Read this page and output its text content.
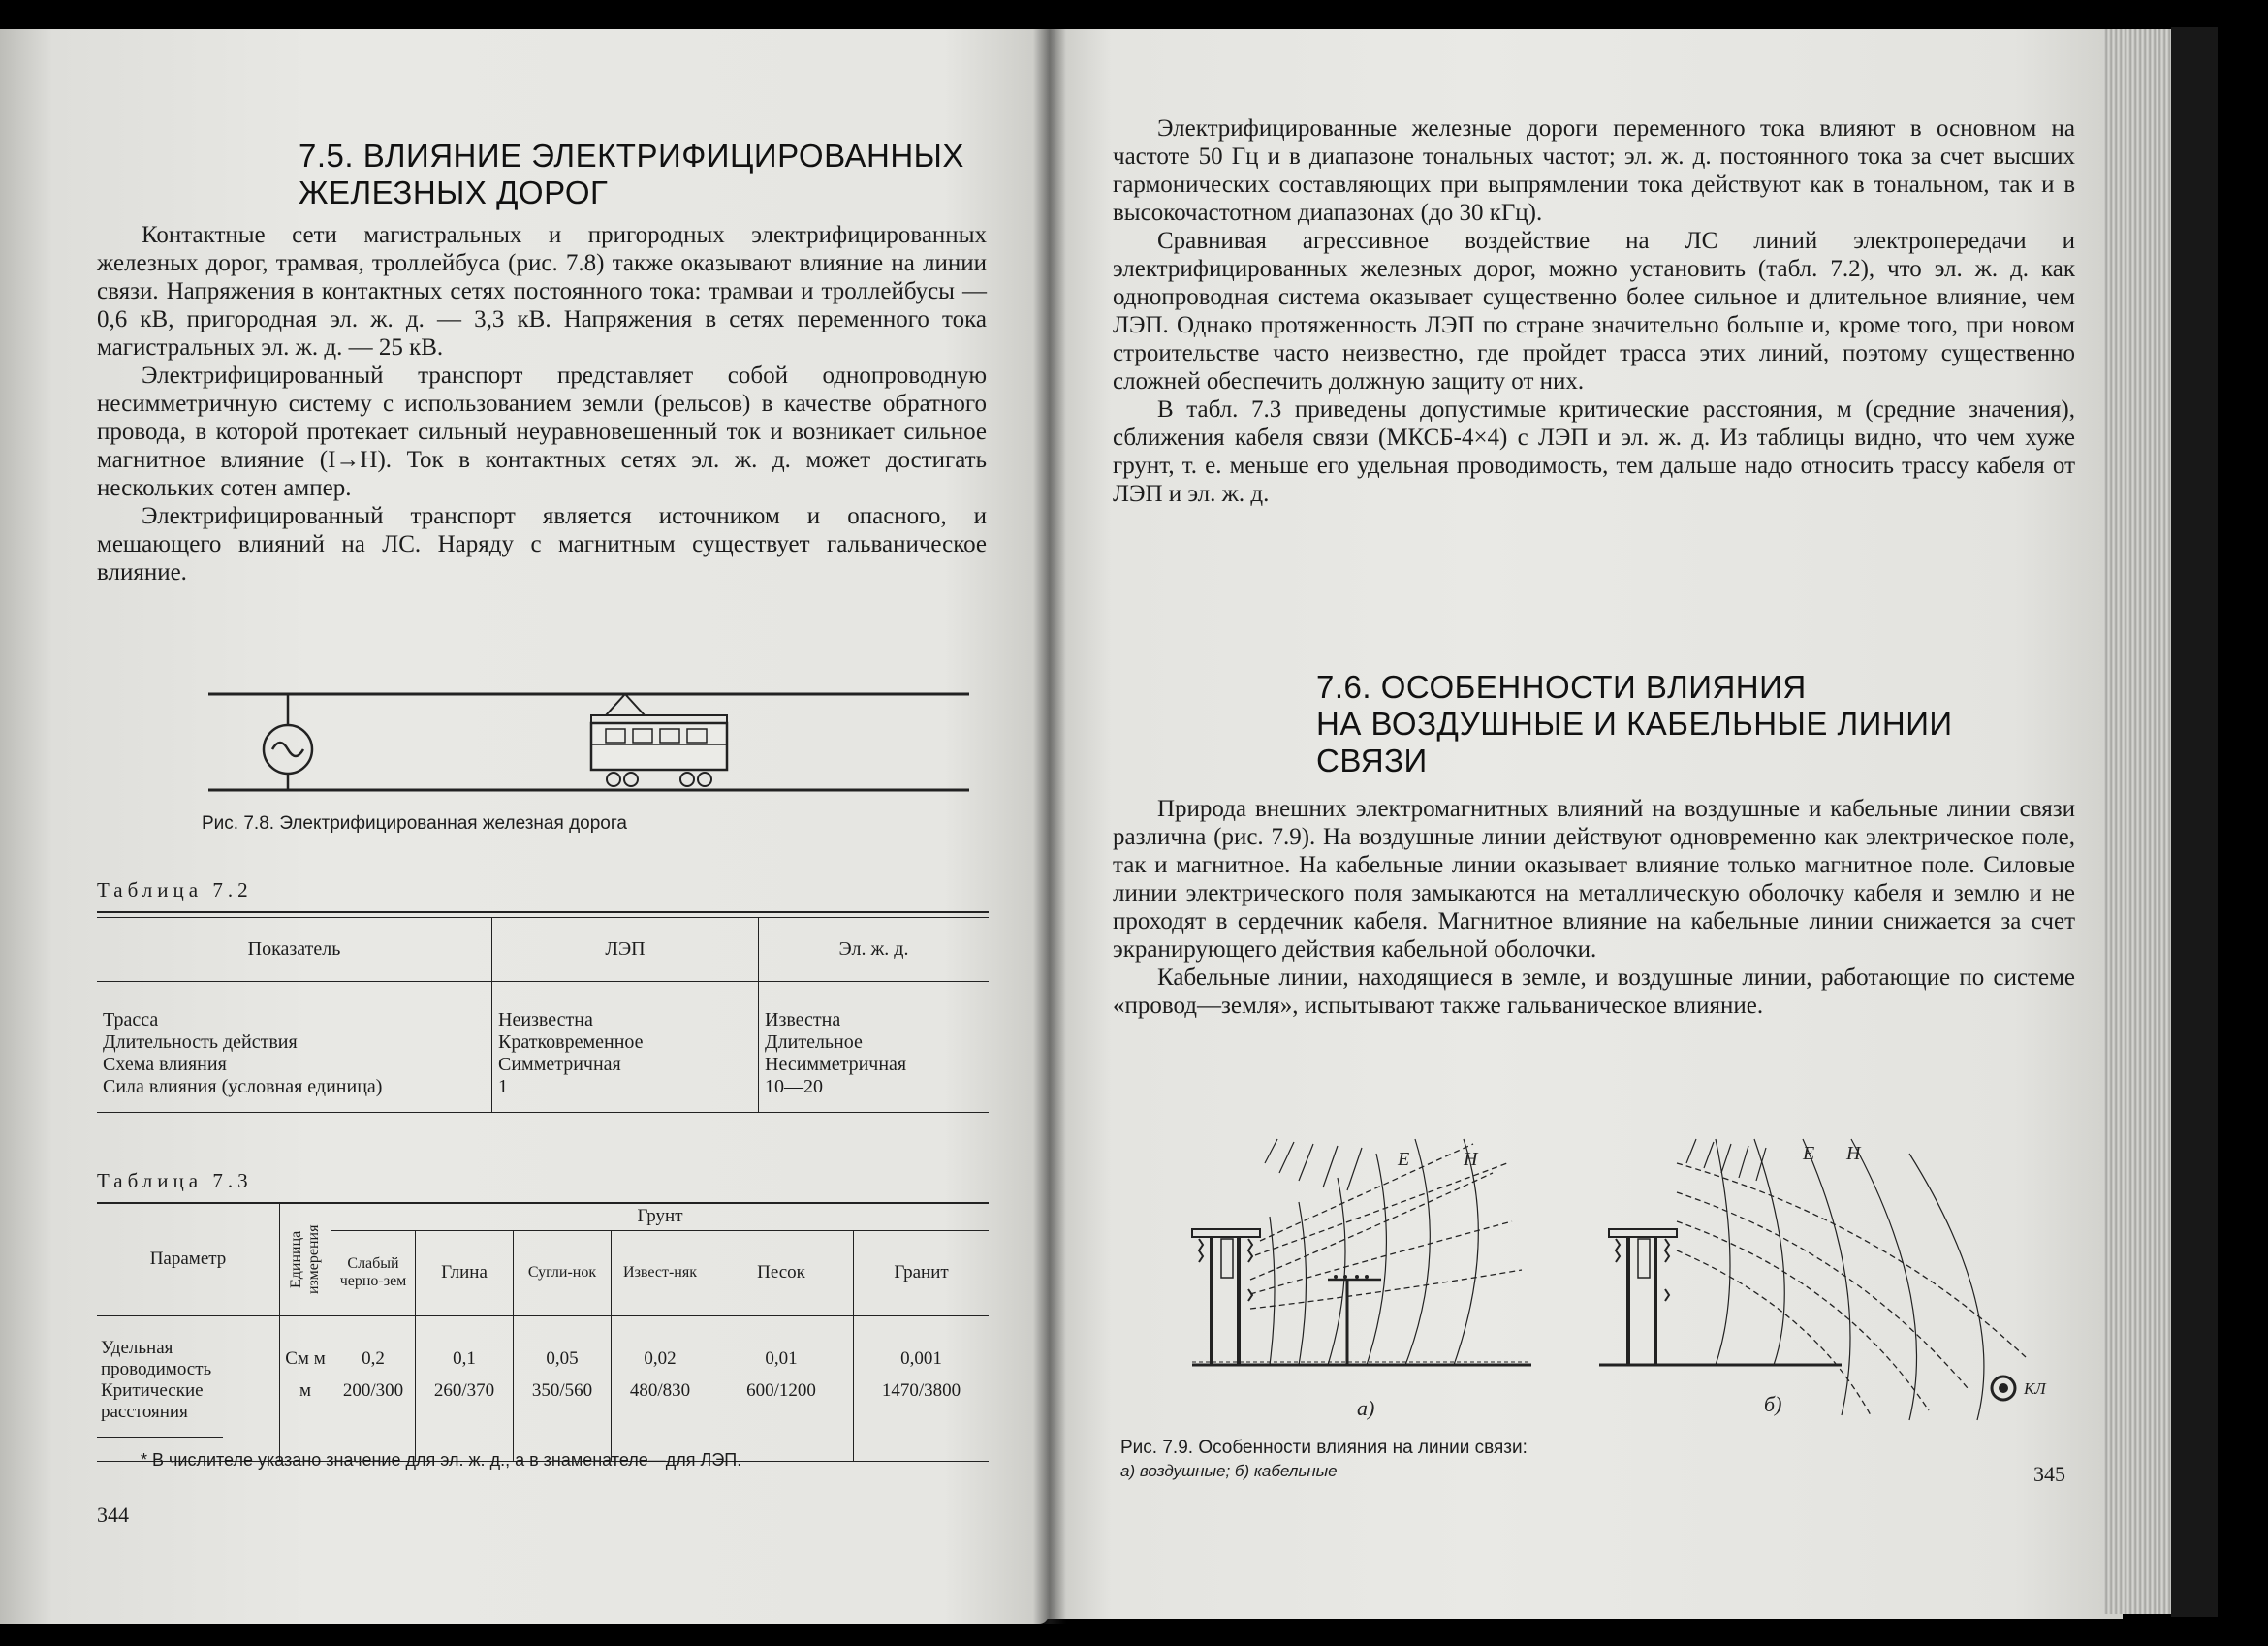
7.5. ВЛИЯНИЕ ЭЛЕКТРИФИЦИРОВАННЫХ
ЖЕЛЕЗНЫХ ДОРОГ

Контактные сети магистральных и пригородных электрифицированных железных дорог, трамвая, троллейбуса (рис. 7.8) также оказывают влияние на линии связи. Напряжения в контактных сетях постоянного тока: трамваи и троллейбусы — 0,6 кВ, пригородная эл. ж. д. — 3,3 кВ. Напряжения в сетях переменного тока магистральных эл. ж. д. — 25 кВ.

Электрифицированный транспорт представляет собой однопроводную несимметричную систему с использованием земли (рельсов) в качестве обратного провода, в которой протекает сильный неуравновешенный ток и возникает сильное магнитное влияние (I→H). Ток в контактных сетях эл. ж. д. может достигать нескольких сотен ампер.

Электрифицированный транспорт является источником и опасного, и мешающего влияний на ЛС. Наряду с магнитным существует гальваническое влияние.

Рис. 7.8. Электрифицированная железная дорога
Таблица 7.2
Показатель	ЛЭП	Эл. ж. д.
Трасса	Неизвестна	Известна
Длительность действия	Кратковременное	Длительное
Схема влияния	Симметричная	Несимметричная
Сила влияния (условная единица)	1	10—20
Таблица 7.3
Параметр	Единица измерения	Грунт					
		Слабый черно-зем	Глина	Сугли-нок	Извест-няк	Песок	Гранит
Удельная проводимость	См м	0,2	0,1	0,05	0,02	0,01	0,001
Критические расстояния	м	200/300	260/370	350/560	480/830	600/1200	1470/3800
* В числителе указано значение для эл. ж. д., а в знаменателе—для ЛЭП.
344

Электрифицированные железные дороги переменного тока влияют в основном на частоте 50 Гц и в диапазоне тональных частот; эл. ж. д. постоянного тока за счет высших гармонических составляющих при выпрямлении тока действуют как в тональном, так и в высокочастотном диапазонах (до 30 кГц).

Сравнивая агрессивное воздействие на ЛС линий электропередачи и электрифицированных железных дорог, можно установить (табл. 7.2), что эл. ж. д. как однопроводная система оказывает существенно более сильное и длительное влияние, чем ЛЭП. Однако протяженность ЛЭП по стране значительно больше и, кроме того, при новом строительстве часто неизвестно, где пройдет трасса этих линий, поэтому существенно сложней обеспечить должную защиту от них.

В табл. 7.3 приведены допустимые критические расстояния, м (средние значения), сближения кабеля связи (МКСБ-4×4) с ЛЭП и эл. ж. д. Из таблицы видно, что чем хуже грунт, т. е. меньше его удельная проводимость, тем дальше надо относить трассу кабеля от ЛЭП и эл. ж. д.

7.6. ОСОБЕННОСТИ ВЛИЯНИЯ
НА ВОЗДУШНЫЕ И КАБЕЛЬНЫЕ ЛИНИИ
СВЯЗИ

Природа внешних электромагнитных влияний на воздушные и кабельные линии связи различна (рис. 7.9). На воздушные линии действуют одновременно как электрическое поле, так и магнитное. На кабельные линии оказывает влияние только магнитное поле. Силовые линии электрического поля замыкаются на металлическую оболочку кабеля и землю и не проходят в сердечник кабеля. Магнитное влияние на кабельные линии снижается за счет экранирующего действия кабельной оболочки.

Кабельные линии, находящиеся в земле, и воздушные линии, работающие по системе «провод—земля», испытывают также гальваническое влияние.

E	H
а)
E H
КЛ
б)
Рис. 7.9. Особенности влияния на линии связи:
а) воздушные; б) кабельные	345
